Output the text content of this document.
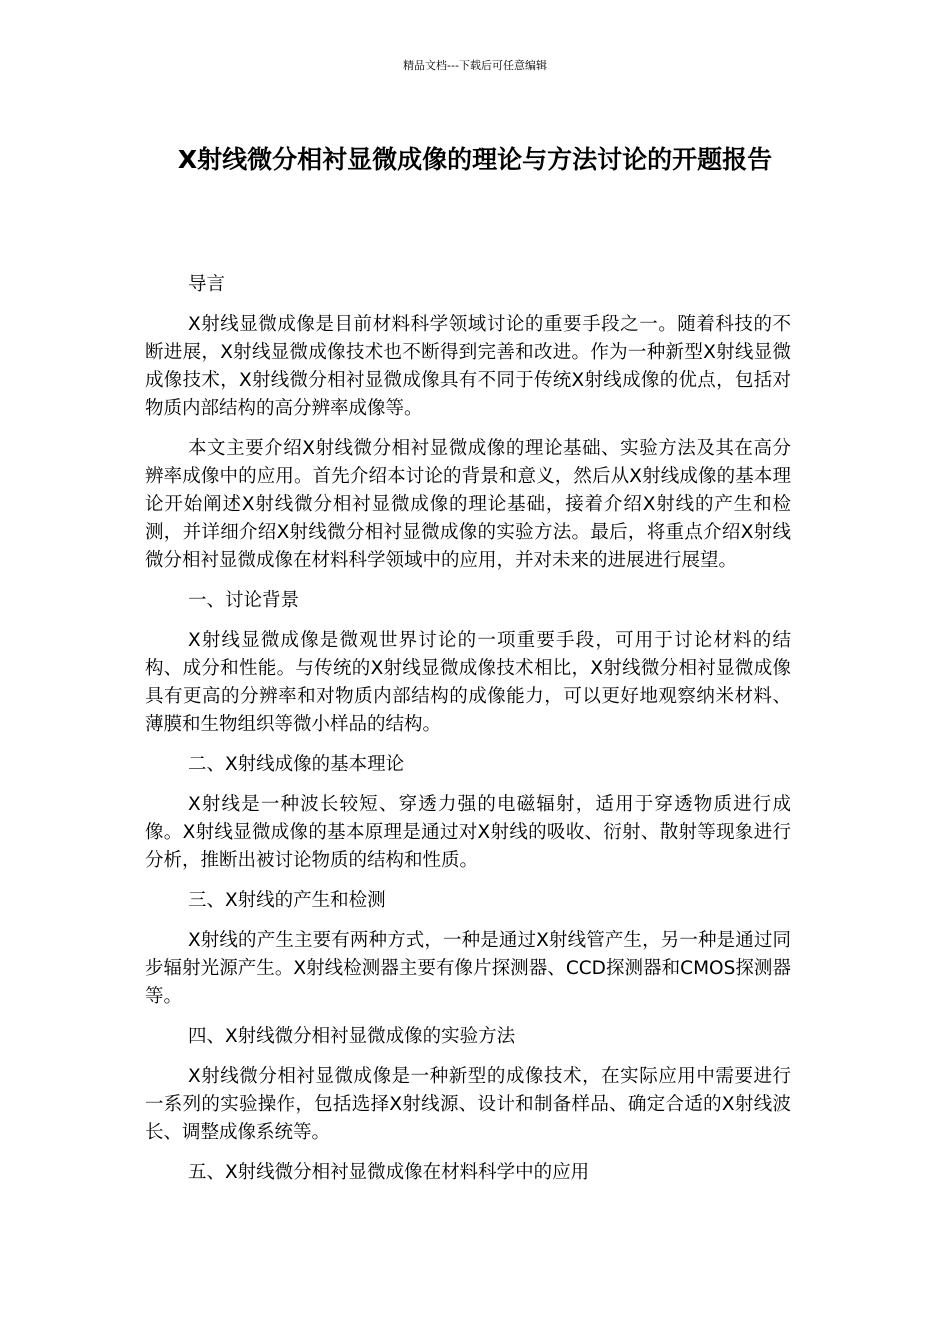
精品文档---下载后可任意编辑
X射线微分相衬显微成像的理论与方法讨论的开题报告

导言

X射线显微成像是目前材料科学领域讨论的重要手段之一。随着科技的不断进展，X射线显微成像技术也不断得到完善和改进。作为一种新型X射线显微成像技术，X射线微分相衬显微成像具有不同于传统X射线成像的优点，包括对物质内部结构的高分辨率成像等。

本文主要介绍X射线微分相衬显微成像的理论基础、实验方法及其在高分辨率成像中的应用。首先介绍本讨论的背景和意义，然后从X射线成像的基本理论开始阐述X射线微分相衬显微成像的理论基础，接着介绍X射线的产生和检测，并详细介绍X射线微分相衬显微成像的实验方法。最后，将重点介绍X射线微分相衬显微成像在材料科学领域中的应用，并对未来的进展进行展望。

一、讨论背景

X射线显微成像是微观世界讨论的一项重要手段，可用于讨论材料的结构、成分和性能。与传统的X射线显微成像技术相比，X射线微分相衬显微成像具有更高的分辨率和对物质内部结构的成像能力，可以更好地观察纳米材料、薄膜和生物组织等微小样品的结构。

二、X射线成像的基本理论

X射线是一种波长较短、穿透力强的电磁辐射，适用于穿透物质进行成像。X射线显微成像的基本原理是通过对X射线的吸收、衍射、散射等现象进行分析，推断出被讨论物质的结构和性质。

三、X射线的产生和检测

X射线的产生主要有两种方式，一种是通过X射线管产生，另一种是通过同步辐射光源产生。X射线检测器主要有像片探测器、CCD探测器和CMOS探测器等。

四、X射线微分相衬显微成像的实验方法

X射线微分相衬显微成像是一种新型的成像技术，在实际应用中需要进行一系列的实验操作，包括选择X射线源、设计和制备样品、确定合适的X射线波长、调整成像系统等。

五、X射线微分相衬显微成像在材料科学中的应用
